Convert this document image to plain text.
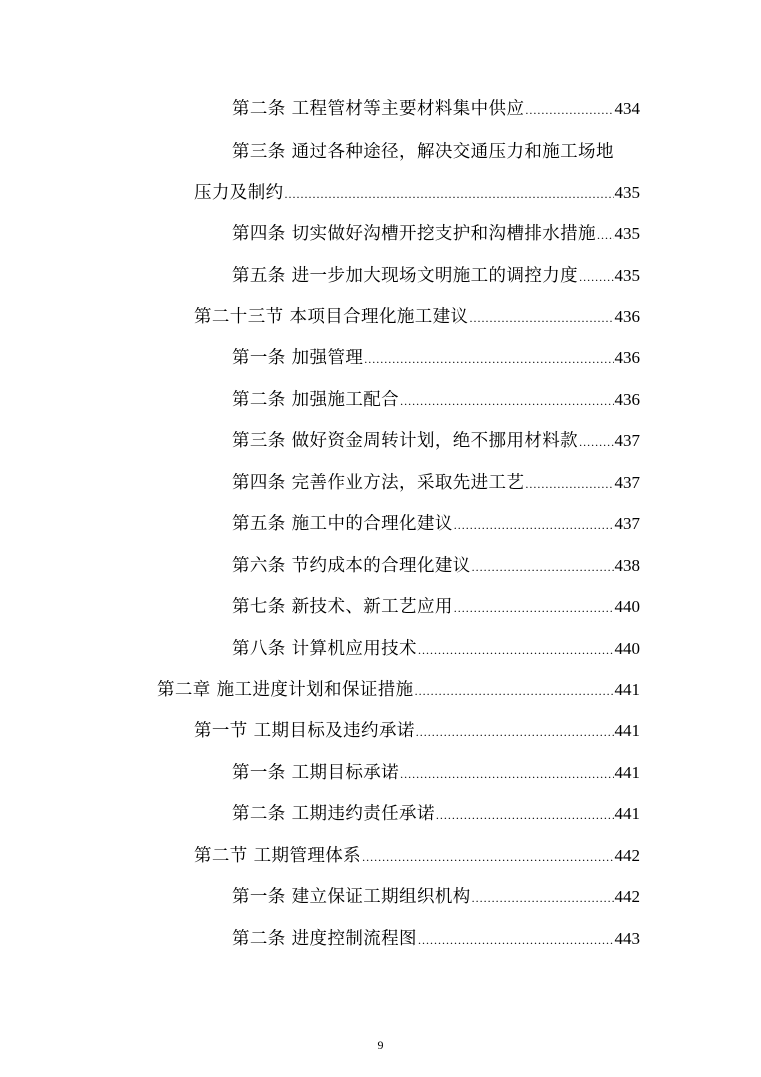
第二条 工程管材等主要材料集中供应 .....	434
第三条 通过各种途径，解决交通压力和施工场地
压力及制约 .....	435
第四条 切实做好沟槽开挖支护和沟槽排水措施 ..... 435
第五条 进一步加大现场文明施工的调控力度 ..... 435
第二十三节 本项目合理化施工建议 .....	436
第一条 加强管理 .....	436
第二条 加强施工配合 .....	436
第三条 做好资金周转计划，绝不挪用材料款 ..... 437
第四条 完善作业方法，采取先进工艺 .....	437
第五条 施工中的合理化建议 .....	437
第六条 节约成本的合理化建议 .....	438
第七条 新技术、新工艺应用 .....	440
第八条 计算机应用技术 .....	440
第二章 施工进度计划和保证措施 .....	441
第一节 工期目标及违约承诺 .....	441
第一条 工期目标承诺 .....	441
第二条 工期违约责任承诺 .....	441
第二节 工期管理体系 .....	442
第一条 建立保证工期组织机构 .....	442
第二条 进度控制流程图 .....	443
9
